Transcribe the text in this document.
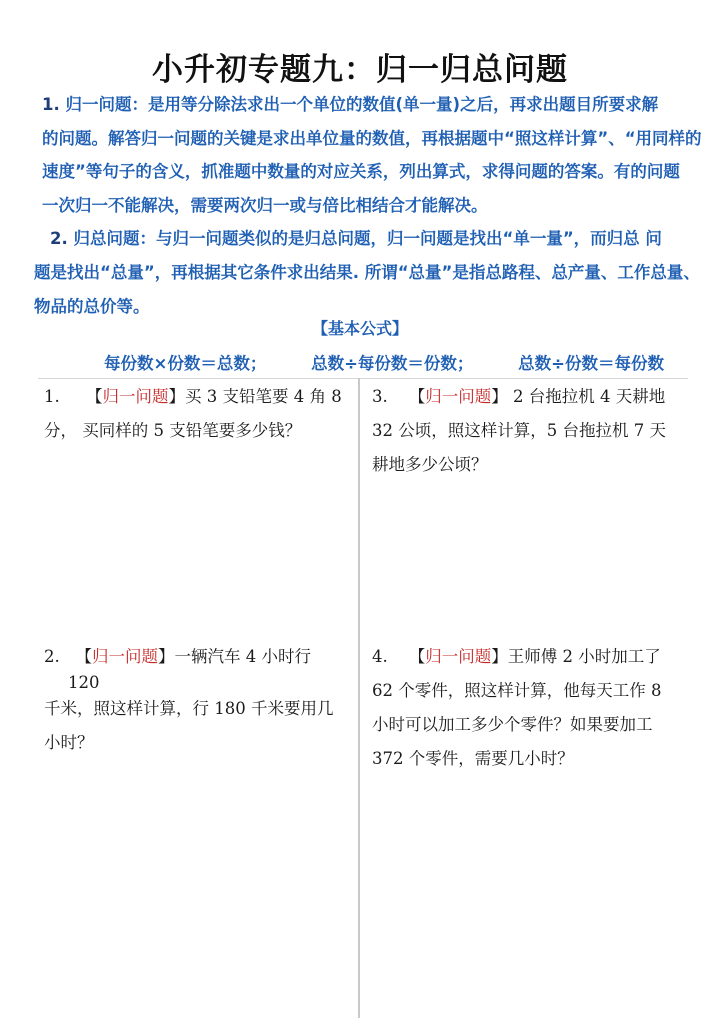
小升初专题九：归一归总问题

1. 归一问题：是用等分除法求出一个单位的数值(单一量)之后，再求出题目所要求解
的问题。解答归一问题的关键是求出单位量的数值，再根据题中“照这样计算”、“用同样的
速度”等句子的含义，抓准题中数量的对应关系，列出算式，求得问题的答案。有的问题
一次归一不能解决，需要两次归一或与倍比相结合才能解决。

2. 归总问题：与归一问题类似的是归总问题，归一问题是找出“单一量”，而归总 问
题是找出“总量”，再根据其它条件求出结果. 所谓“总量”是指总路程、总产量、工作总量、
物品的总价等。

【基本公式】
每份数×份数＝总数；	总数÷每份数＝份数；	总数÷份数＝每份数
1. 【归一问题】买 3 支铅笔要 4 角 8
分， 买同样的 5 支铅笔要多少钱？
3. 【归一问题】 2 台拖拉机 4 天耕地
32 公顷，照这样计算，5 台拖拉机 7 天
耕地多少公顷？
2. 【归一问题】一辆汽车 4 小时行
120
千米，照这样计算，行 180 千米要用几
小时？
4. 【归一问题】王师傅 2 小时加工了
62 个零件，照这样计算，他每天工作 8
小时可以加工多少个零件？如果要加工
372 个零件，需要几小时？
